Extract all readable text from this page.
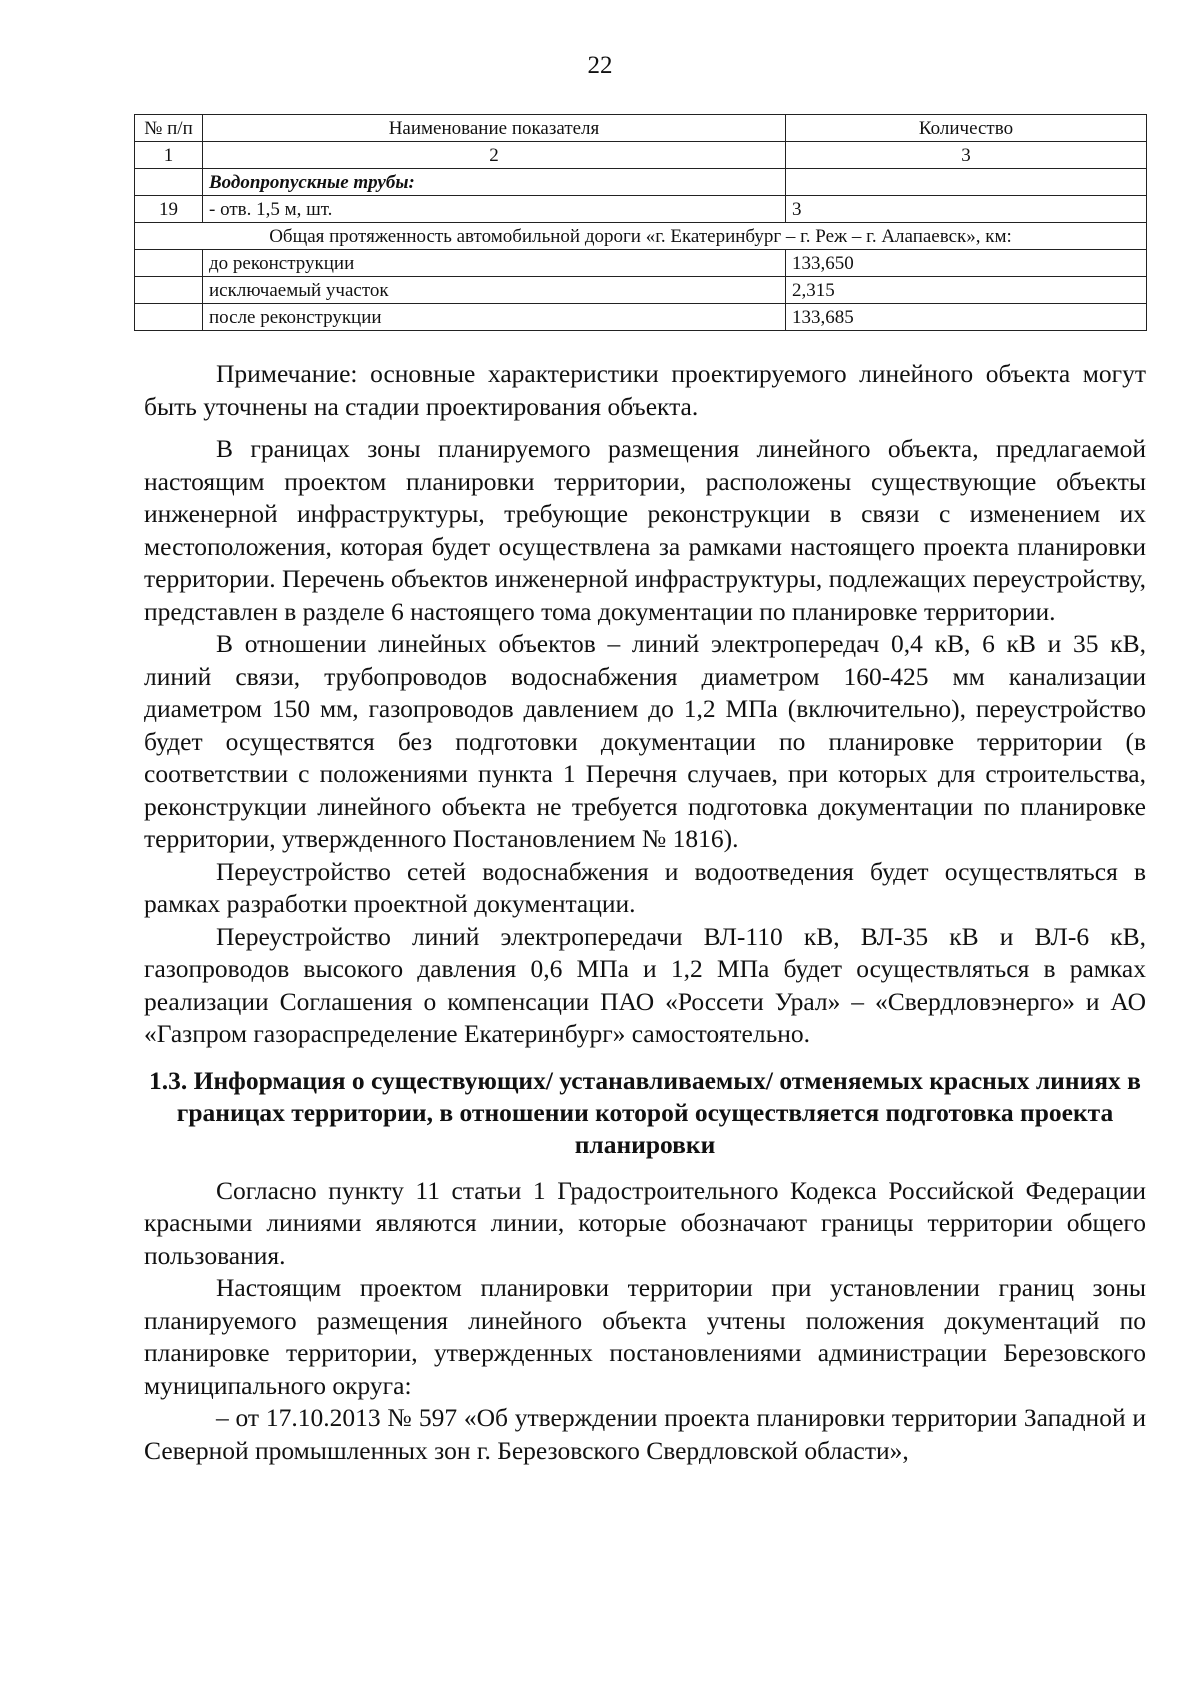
22
№ п/п	Наименование показателя	Количество
1	2	3
	Водопропускные трубы:	
19	- отв. 1,5 м, шт.	3
Общая протяженность автомобильной дороги «г. Екатеринбург – г. Реж – г. Алапаевск», км:		
	до реконструкции	133,650
	исключаемый участок	2,315
	после реконструкции	133,685

Примечание: основные характеристики проектируемого линейного объекта могут быть уточнены на стадии проектирования объекта.

В границах зоны планируемого размещения линейного объекта, предлагаемой настоящим проектом планировки территории, расположены существующие объекты инженерной инфраструктуры, требующие реконструкции в связи с изменением их местоположения, которая будет осуществлена за рамками настоящего проекта планировки территории. Перечень объектов инженерной инфраструктуры, подлежащих переустройству, представлен в разделе 6 настоящего тома документации по планировке территории.

В отношении линейных объектов – линий электропередач 0,4 кВ, 6 кВ и 35 кВ, линий связи, трубопроводов водоснабжения диаметром 160-425 мм канализации диаметром 150 мм, газопроводов давлением до 1,2 МПа (включительно), переустройство будет осуществятся без подготовки документации по планировке территории (в соответствии с положениями пункта 1 Перечня случаев, при которых для строительства, реконструкции линейного объекта не требуется подготовка документации по планировке территории, утвержденного Постановлением № 1816).

Переустройство сетей водоснабжения и водоотведения будет осуществляться в рамках разработки проектной документации.

Переустройство линий электропередачи ВЛ-110 кВ, ВЛ-35 кВ и ВЛ-6 кВ, газопроводов высокого давления 0,6 МПа и 1,2 МПа будет осуществляться в рамках реализации Соглашения о компенсации ПАО «Россети Урал» – «Свердловэнерго» и АО «Газпром газораспределение Екатеринбург» самостоятельно.

1.3. Информация о существующих/ устанавливаемых/ отменяемых красных линиях в границах территории, в отношении которой осуществляется подготовка проекта планировки

Согласно пункту 11 статьи 1 Градостроительного Кодекса Российской Федерации красными линиями являются линии, которые обозначают границы территории общего пользования.

Настоящим проектом планировки территории при установлении границ зоны планируемого размещения линейного объекта учтены положения документаций по планировке территории, утвержденных постановлениями администрации Березовского муниципального округа:

– от 17.10.2013 № 597 «Об утверждении проекта планировки территории Западной и Северной промышленных зон г. Березовского Свердловской области»,
